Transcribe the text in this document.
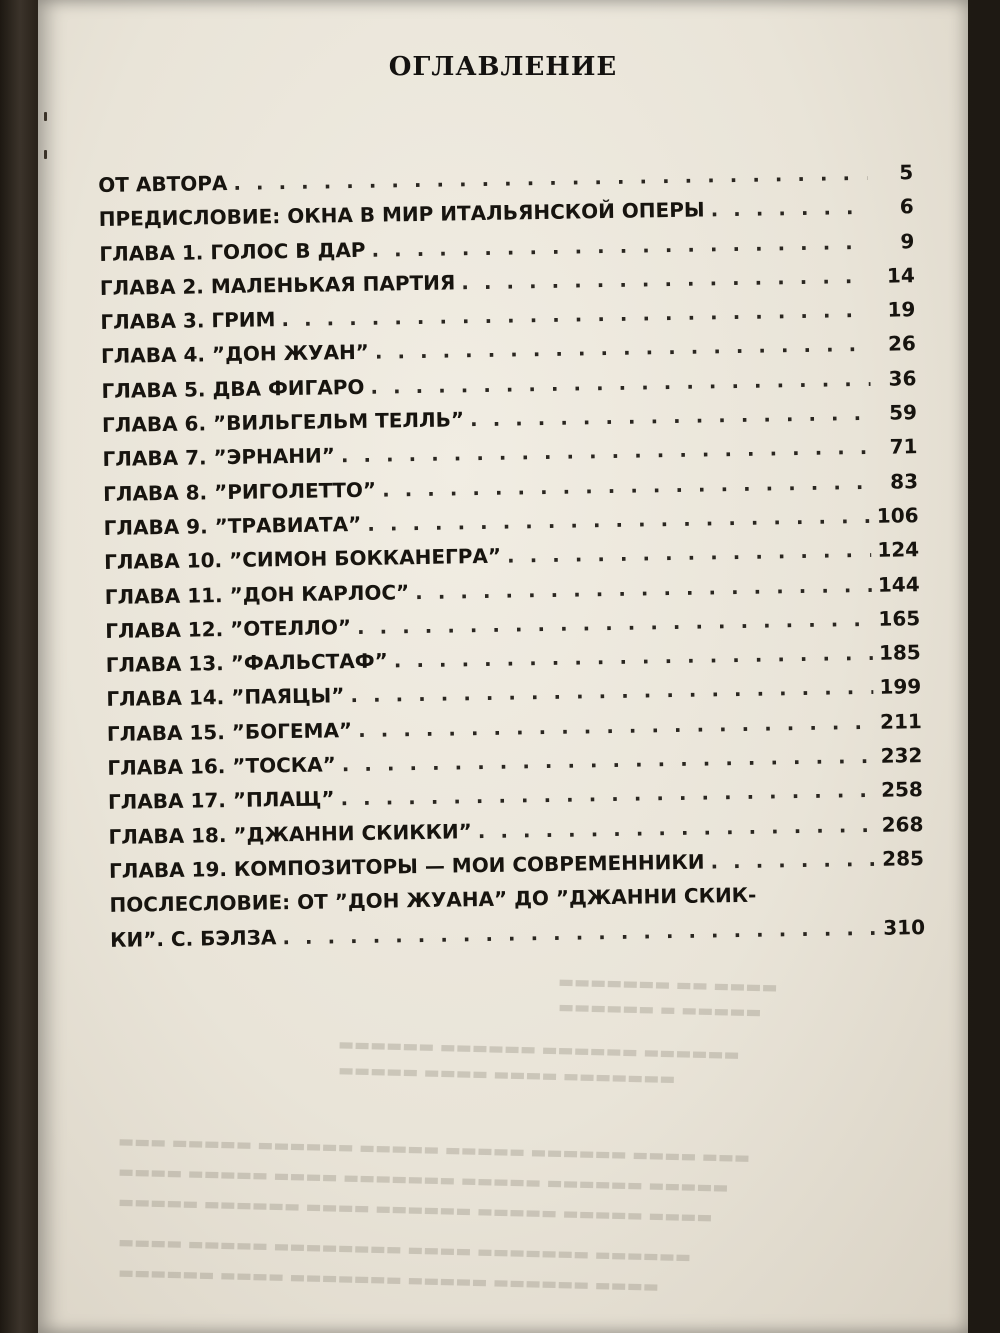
▬▬▬▬ ▬▬ ▬▬▬▬▬▬▬
▬▬▬▬▬ ▬ ▬▬▬▬▬▬
▬▬▬▬▬▬ ▬▬▬▬▬▬ ▬▬▬▬▬▬ ▬▬▬▬▬▬
▬▬▬▬▬▬▬ ▬▬▬▬ ▬▬▬▬ ▬▬▬▬▬
▬▬▬ ▬▬▬▬ ▬▬▬▬▬▬ ▬▬▬▬▬ ▬▬▬▬▬ ▬▬▬▬▬▬ ▬▬▬▬▬ ▬▬▬
▬▬▬▬▬ ▬▬▬▬▬▬ ▬▬▬▬▬ ▬▬▬▬▬▬▬ ▬▬▬▬ ▬▬▬▬▬ ▬▬▬▬
▬▬▬▬ ▬▬▬▬▬ ▬▬▬▬▬ ▬▬▬▬▬▬ ▬▬▬▬ ▬▬▬▬▬▬ ▬▬▬▬▬
▬▬▬▬▬▬ ▬▬▬▬▬▬▬ ▬▬▬▬ ▬▬▬▬▬▬▬▬ ▬▬▬▬▬ ▬▬▬▬
▬▬▬▬ ▬▬▬▬▬▬ ▬▬▬▬▬ ▬▬▬▬▬▬▬ ▬▬▬▬ ▬▬▬▬▬▬
ОГЛАВЛЕНИЕ
ОТ АВТОРА . . .	5
ПРЕДИСЛОВИЕ: ОКНА В МИР ИТАЛЬЯНСКОЙ ОПЕРЫ . . .	6
ГЛАВА 1. ГОЛОС В ДАР . . .	9
ГЛАВА 2. МАЛЕНЬКАЯ ПАРТИЯ . . .	14
ГЛАВА 3. ГРИМ . . .	19
ГЛАВА 4. ”ДОН ЖУАН” . . .	26
ГЛАВА 5. ДВА ФИГАРО . . .	36
ГЛАВА 6. ”ВИЛЬГЕЛЬМ ТЕЛЛЬ” . . .	59
ГЛАВА 7. ”ЭРНАНИ” . . .	71
ГЛАВА 8. ”РИГОЛЕТТО” . . .	83
ГЛАВА 9. ”ТРАВИАТА” . . .	106
ГЛАВА 10. ”СИМОН БОККАНЕГРА” . . .	124
ГЛАВА 11. ”ДОН КАРЛОС” . . .	144
ГЛАВА 12. ”ОТЕЛЛО” . . .	165
ГЛАВА 13. ”ФАЛЬСТАФ” . . .	185
ГЛАВА 14. ”ПАЯЦЫ” . . .	199
ГЛАВА 15. ”БОГЕМА” . . .	211
ГЛАВА 16. ”ТОСКА” . . .	232
ГЛАВА 17. ”ПЛАЩ” . . .	258
ГЛАВА 18. ”ДЖАННИ СКИККИ” . . .	268
ГЛАВА 19. КОМПОЗИТОРЫ — МОИ СОВРЕМЕННИКИ . . .	285
ПОСЛЕСЛОВИЕ: ОТ ”ДОН ЖУАНА” ДО ”ДЖАННИ СКИК-
КИ”. С. БЭЛЗА . . .	310
